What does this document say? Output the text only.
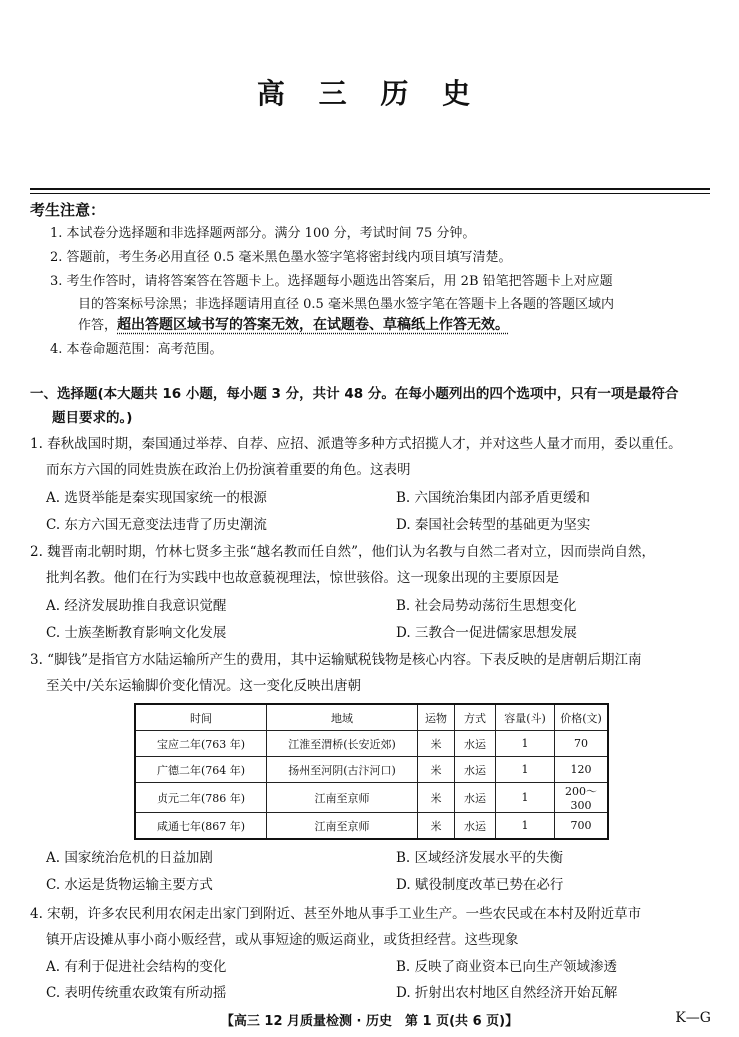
高 三 历 史
考生注意：
1. 本试卷分选择题和非选择题两部分。满分 100 分，考试时间 75 分钟。
2. 答题前，考生务必用直径 0.5 毫米黑色墨水签字笔将密封线内项目填写清楚。
3. 考生作答时，请将答案答在答题卡上。选择题每小题选出答案后，用 2B 铅笔把答题卡上对应题
目的答案标号涂黑；非选择题请用直径 0.5 毫米黑色墨水签字笔在答题卡上各题的答题区域内
作答，超出答题区域书写的答案无效，在试题卷、草稿纸上作答无效。
4. 本卷命题范围：高考范围。
一、选择题(本大题共 16 小题，每小题 3 分，共计 48 分。在每小题列出的四个选项中，只有一项是最符合
题目要求的。)
1. 春秋战国时期，秦国通过举荐、自荐、应招、派遣等多种方式招揽人才，并对这些人量才而用，委以重任。
而东方六国的同姓贵族在政治上仍扮演着重要的角色。这表明
A. 选贤举能是秦实现国家统一的根源	B. 六国统治集团内部矛盾更缓和
C. 东方六国无意变法违背了历史潮流	D. 秦国社会转型的基础更为坚实
2. 魏晋南北朝时期，竹林七贤多主张“越名教而任自然”，他们认为名教与自然二者对立，因而崇尚自然，
批判名教。他们在行为实践中也故意藐视理法，惊世骇俗。这一现象出现的主要原因是
A. 经济发展助推自我意识觉醒	B. 社会局势动荡衍生思想变化
C. 士族垄断教育影响文化发展	D. 三教合一促进儒家思想发展
3. “脚钱”是指官方水陆运输所产生的费用，其中运输赋税钱物是核心内容。下表反映的是唐朝后期江南
至关中/关东运输脚价变化情况。这一变化反映出唐朝
时间	地域	运物	方式	容量(斗)	价格(文)
宝应二年(763 年)	江淮至渭桥(长安近郊)	米	水运	1	70
广德二年(764 年)	扬州至河阴(古汴河口)	米	水运	1	120
贞元二年(786 年)	江南至京师	米	水运	1	200～300
咸通七年(867 年)	江南至京师	米	水运	1	700
A. 国家统治危机的日益加剧	B. 区域经济发展水平的失衡
C. 水运是货物运输主要方式	D. 赋役制度改革已势在必行
4. 宋朝，许多农民利用农闲走出家门到附近、甚至外地从事手工业生产。一些农民或在本村及附近草市
镇开店设摊从事小商小贩经营，或从事短途的贩运商业，或货担经营。这些现象
A. 有利于促进社会结构的变化	B. 反映了商业资本已向生产领域渗透
C. 表明传统重农政策有所动摇	D. 折射出农村地区自然经济开始瓦解
【高三 12 月质量检测 · 历史　第 1 页(共 6 页)】	K—G
